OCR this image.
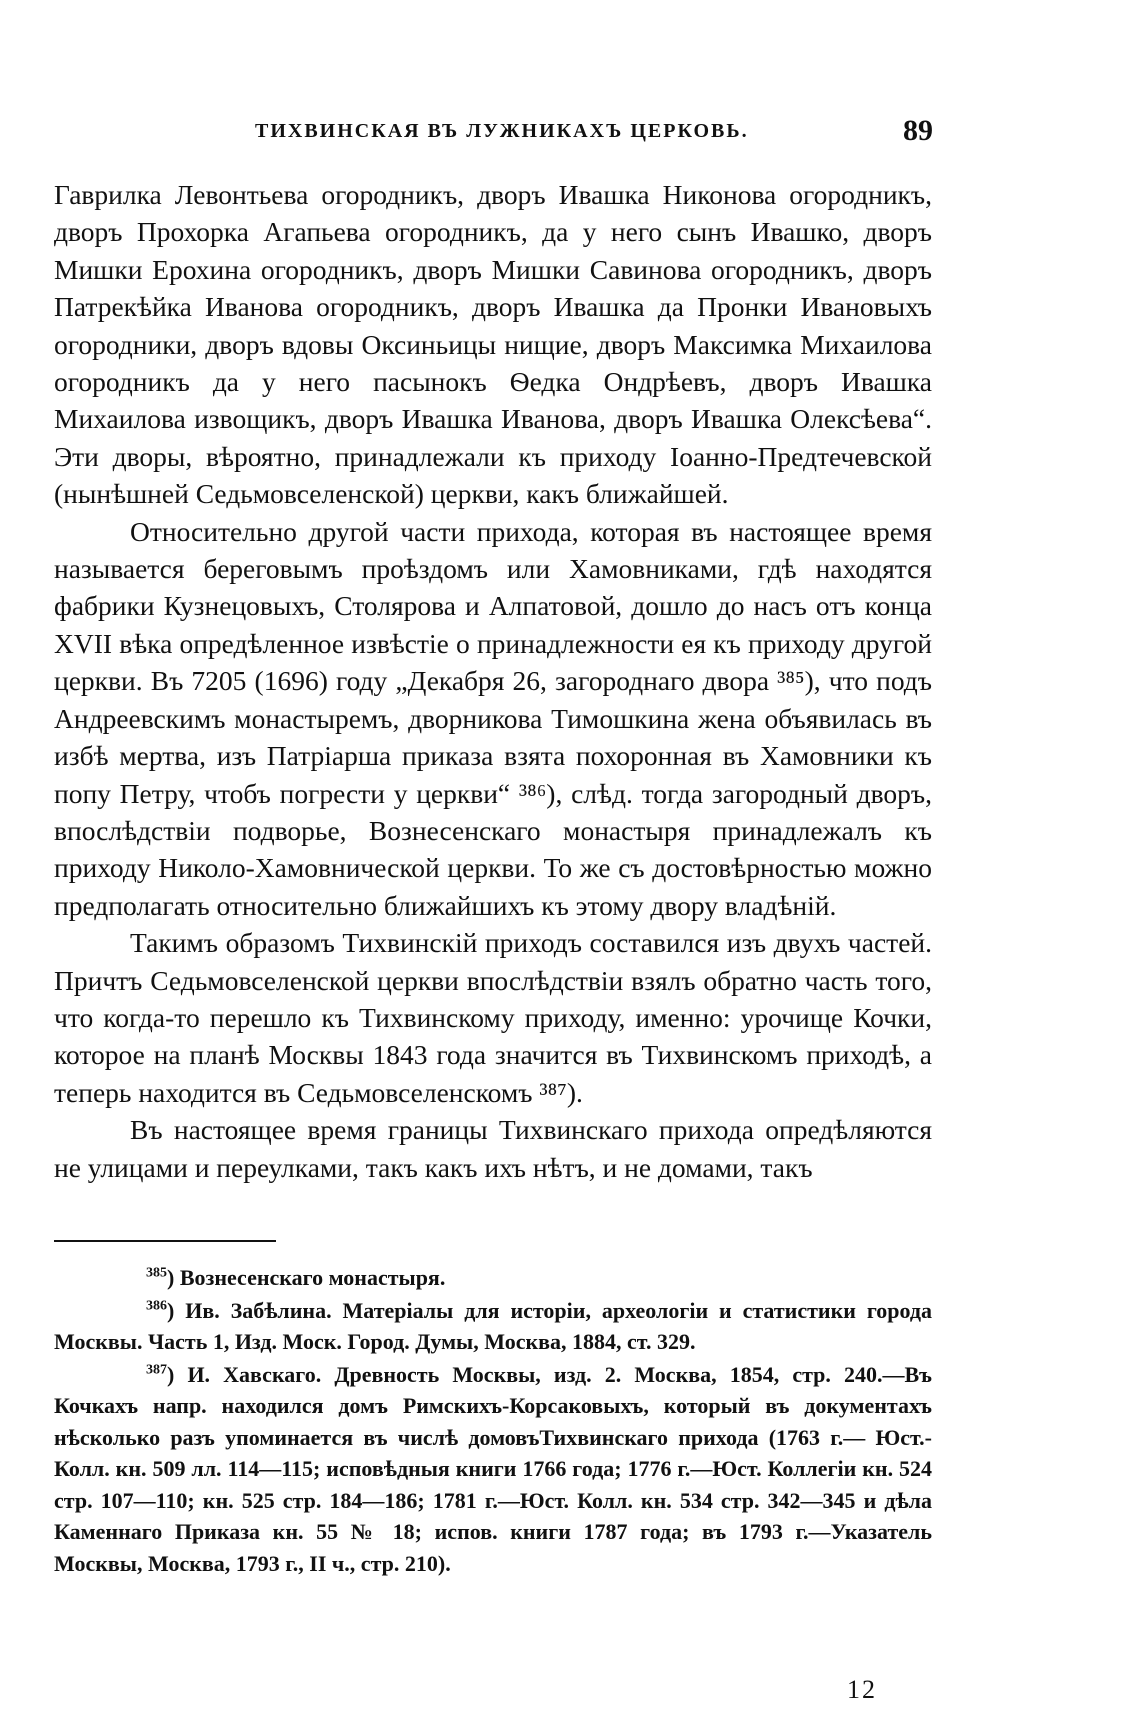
ТИХВИНСКАЯ ВЪ ЛУЖНИКАХЪ ЦЕРКОВЬ.	89

Гаврилка Левонтьева огородникъ, дворъ Ивашка Никонова огородникъ, дворъ Прохорка Агапьева огородникъ, да у него сынъ Ивашко, дворъ Мишки Ерохина огородникъ, дворъ Мишки Савинова огородникъ, дворъ Патрекѣйка Иванова огородникъ, дворъ Ивашка да Пронки Ивановыхъ огородники, дворъ вдовы Оксиньицы нищие, дворъ Максимка Михаилова огородникъ да у него пасынокъ Ѳедка Ондрѣевъ, дворъ Ивашка Михаилова извощикъ, дворъ Ивашка Иванова, дворъ Ивашка Олексѣева“. Эти дворы, вѣроятно, принадлежали къ приходу Іоанно-Предтечевской (нынѣшней Седьмовселенской) церкви, какъ ближайшей.

Относительно другой части прихода, которая въ настоящее время называется береговымъ проѣздомъ или Хамовниками, гдѣ находятся фабрики Кузнецовыхъ, Столярова и Алпатовой, дошло до насъ отъ конца XVII вѣка опредѣленное извѣстіе о принадлежности ея къ приходу другой церкви. Въ 7205 (1696) году „Декабря 26, загороднаго двора ³⁸⁵), что подъ Андреевскимъ монастыремъ, дворникова Тимошкина жена объявилась въ избѣ мертва, изъ Патріарша приказа взята похоронная въ Хамовники къ попу Петру, чтобъ погрести у церкви“ ³⁸⁶), слѣд. тогда загородный дворъ, впослѣдствіи подворье, Вознесенскаго монастыря принадлежалъ къ приходу Николо-Хамовнической церкви. То же съ достовѣрностью можно предполагать относительно ближайшихъ къ этому двору владѣній.

Такимъ образомъ Тихвинскій приходъ составился изъ двухъ частей. Причтъ Седьмовселенской церкви впослѣдствіи взялъ обратно часть того, что когда-то перешло къ Тихвинскому приходу, именно: урочище Кочки, которое на планѣ Москвы 1843 года значится въ Тихвинскомъ приходѣ, а теперь находится въ Седьмовселенскомъ ³⁸⁷).

Въ настоящее время границы Тихвинскаго прихода опредѣляются не улицами и переулками, такъ какъ ихъ нѣтъ, и не домами, такъ

$^{385}$) Вознесенскаго монастыря.

$^{386}$) Ив. Забѣлина. Матеріалы для исторіи, археологіи и статистики города Москвы. Часть 1, Изд. Моск. Город. Думы, Москва, 1884, ст. 329.

$^{387}$) И. Хавскаго. Древность Москвы, изд. 2. Москва, 1854, стр. 240.—Въ Кочкахъ напр. находился домъ Римскихъ-Корсаковыхъ, который въ документахъ нѣсколько разъ упоминается въ числѣ домовъТихвинскаго прихода (1763 г.— Юст.-Колл. кн. 509 лл. 114—115; исповѣдныя книги 1766 года; 1776 г.—Юст. Коллегіи кн. 524 стр. 107—110; кн. 525 стр. 184—186; 1781 г.—Юст. Колл. кн. 534 стр. 342—345 и дѣла Каменнаго Приказа кн. 55 № 18; испов. книги 1787 года; въ 1793 г.—Указатель Москвы, Москва, 1793 г., II ч., стр. 210).

12
